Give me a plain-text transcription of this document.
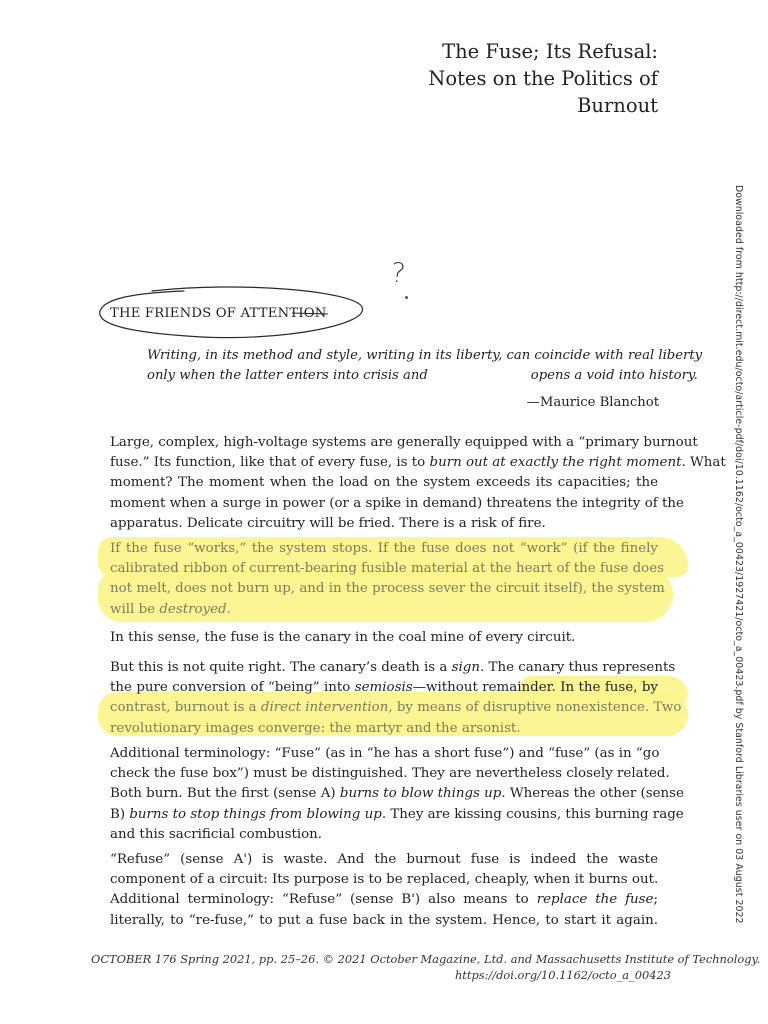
The Fuse; Its Refusal:
Notes on the Politics of
Burnout
Downloaded from http://direct.mit.edu/octo/article-pdf/doi/10.1162/octo_a_00423/1927421/octo_a_00423.pdf by Stanford Libraries user on 03 August 2022
?
THE FRIENDS OF ATTENTION
Writing, in its method and style, writing in its liberty, can coincide with real liberty
only when the latter enters into crisis and	opens a void into history.
—Maurice Blanchot
Large, complex, high-voltage systems are generally equipped with a “primary burnout
fuse.” Its function, like that of every fuse, is to burn out at exactly the right moment. What
moment? The moment when the load on the system exceeds its capacities; the
moment when a surge in power (or a spike in demand) threatens the integrity of the
apparatus. Delicate circuitry will be fried. There is a risk of fire.
If the fuse “works,” the system stops. If the fuse does not “work” (if the finely
calibrated ribbon of current-bearing fusible material at the heart of the fuse does
not melt, does not burn up, and in the process sever the circuit itself), the system
will be destroyed.
In this sense, the fuse is the canary in the coal mine of every circuit.
But this is not quite right. The canary’s death is a sign. The canary thus represents
the pure conversion of “being” into semiosis—without remainder. In the fuse, by
contrast, burnout is a direct intervention, by means of disruptive nonexistence. Two
revolutionary images converge: the martyr and the arsonist.
Additional terminology: “Fuse” (as in “he has a short fuse”) and “fuse” (as in “go
check the fuse box”) must be distinguished. They are nevertheless closely related.
Both burn. But the first (sense A) burns to blow things up. Whereas the other (sense
B) burns to stop things from blowing up. They are kissing cousins, this burning rage
and this sacrificial combustion.
“Refuse” (sense A') is waste. And the burnout fuse is indeed the waste
component of a circuit: Its purpose is to be replaced, cheaply, when it burns out.
Additional terminology: “Refuse” (sense B') also means to replace the fuse;
literally, to “re-fuse,” to put a fuse back in the system. Hence, to start it again.
OCTOBER 176 Spring 2021, pp. 25–26. © 2021 October Magazine, Ltd. and Massachusetts Institute of Technology.
https://doi.org/10.1162/octo_a_00423
